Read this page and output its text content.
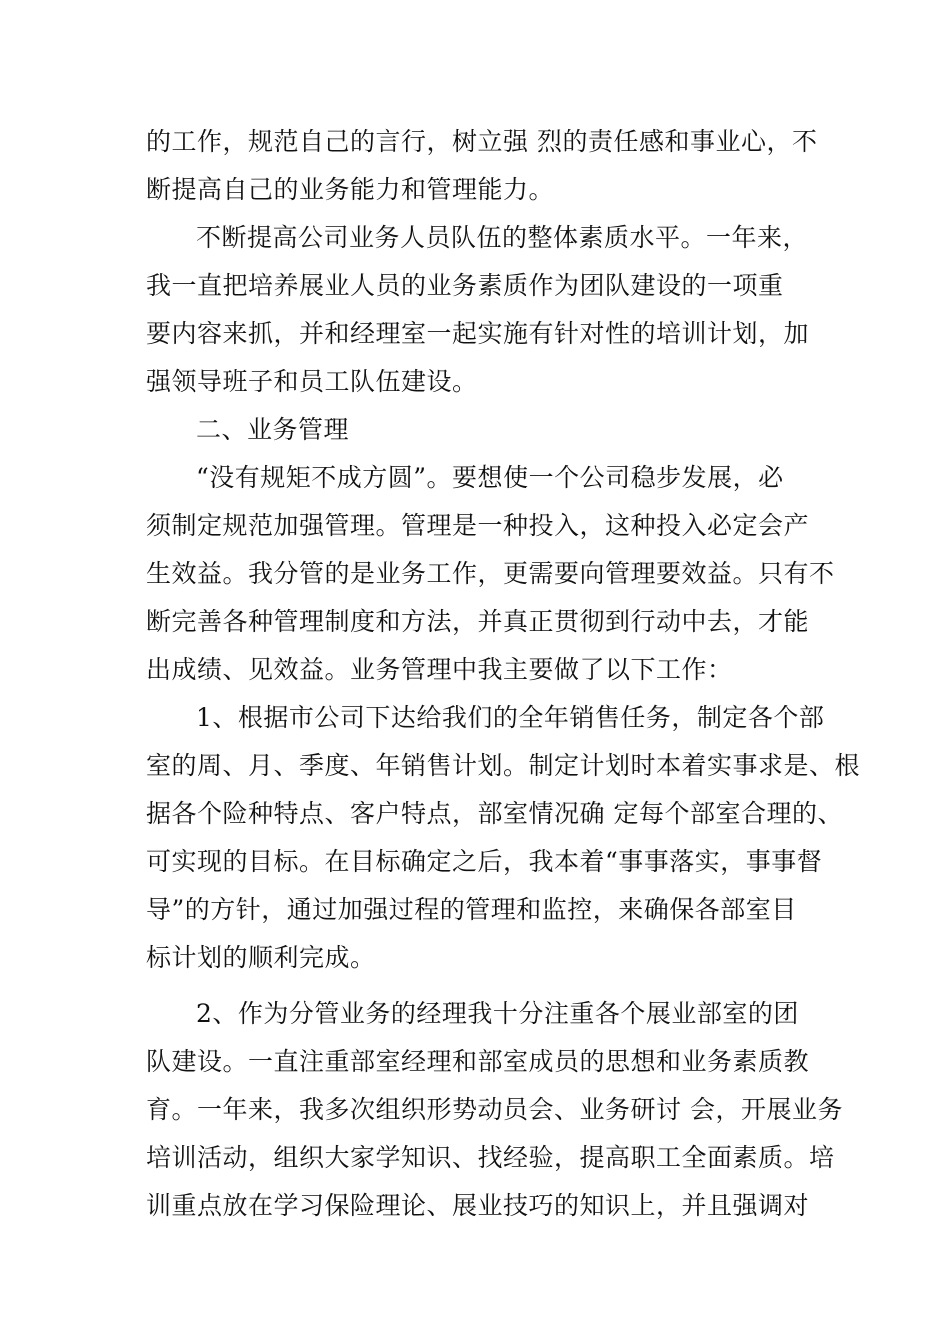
的工作，规范自己的言行，树立强 烈的责任感和事业心，不
断提高自己的业务能力和管理能力。
不断提高公司业务人员队伍的整体素质水平。一年来，
我一直把培养展业人员的业务素质作为团队建设的一项重
要内容来抓，并和经理室一起实施有针对性的培训计划，加
强领导班子和员工队伍建设。
二、业务管理
“没有规矩不成方圆”。要想使一个公司稳步发展，必
须制定规范加强管理。管理是一种投入，这种投入必定会产
生效益。我分管的是业务工作，更需要向管理要效益。只有不
断完善各种管理制度和方法，并真正贯彻到行动中去，才能
出成绩、见效益。业务管理中我主要做了以下工作：
1、根据市公司下达给我们的全年销售任务，制定各个部
室的周、月、季度、年销售计划。制定计划时本着实事求是、根
据各个险种特点、客户特点，部室情况确 定每个部室合理的、
可实现的目标。在目标确定之后，我本着“事事落实，事事督
导”的方针，通过加强过程的管理和监控，来确保各部室目
标计划的顺利完成。
2、作为分管业务的经理我十分注重各个展业部室的团
队建设。一直注重部室经理和部室成员的思想和业务素质教
育。一年来，我多次组织形势动员会、业务研讨 会，开展业务
培训活动，组织大家学知识、找经验，提高职工全面素质。培
训重点放在学习保险理论、展业技巧的知识上，并且强调对
